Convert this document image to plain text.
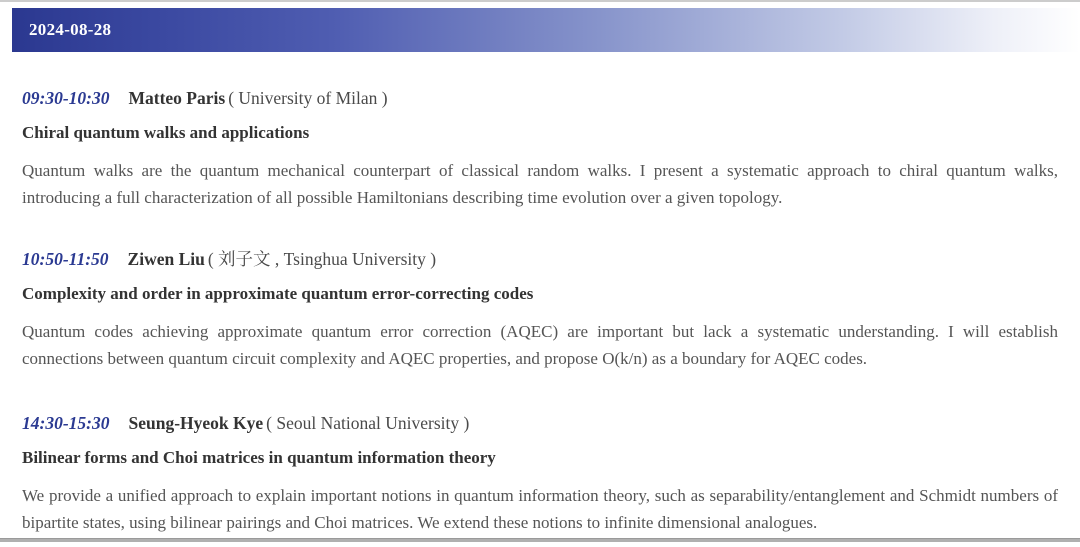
2024-08-28
09:30-10:30 Matteo Paris ( University of Milan )
Chiral quantum walks and applications
Quantum walks are the quantum mechanical counterpart of classical random walks. I present a systematic approach to chiral quantum walks, introducing a full characterization of all possible Hamiltonians describing time evolution over a given topology.
10:50-11:50 Ziwen Liu ( 刘子文 , Tsinghua University )
Complexity and order in approximate quantum error-correcting codes
Quantum codes achieving approximate quantum error correction (AQEC) are important but lack a systematic understanding. I will establish connections between quantum circuit complexity and AQEC properties, and propose O(k/n) as a boundary for AQEC codes.
14:30-15:30 Seung-Hyeok Kye ( Seoul National University )
Bilinear forms and Choi matrices in quantum information theory
We provide a unified approach to explain important notions in quantum information theory, such as separability/entanglement and Schmidt numbers of bipartite states, using bilinear pairings and Choi matrices. We extend these notions to infinite dimensional analogues.
